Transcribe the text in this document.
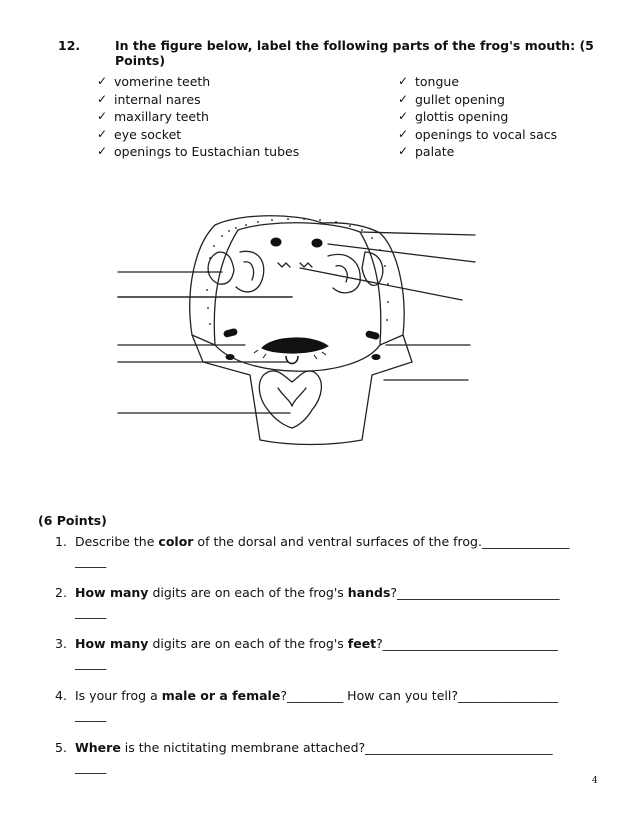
12.	In the figure below, label the following parts of the frog's mouth: (5 Points)
✓ vomerine teeth
✓ internal nares
✓ maxillary teeth
✓ eye socket
✓ openings to Eustachian tubes
✓ tongue
✓ gullet opening
✓ glottis opening
✓ openings to vocal sacs
✓ palate
(6 Points)
1. Describe the color of the dorsal and ventral surfaces of the frog.______________
_____
2. How many digits are on each of the frog's hands?__________________________
_____
3. How many digits are on each of the frog's feet?____________________________
_____
4. Is your frog a male or a female?_________ How can you tell?________________
_____
5. Where is the nictitating membrane attached?______________________________
_____
4
